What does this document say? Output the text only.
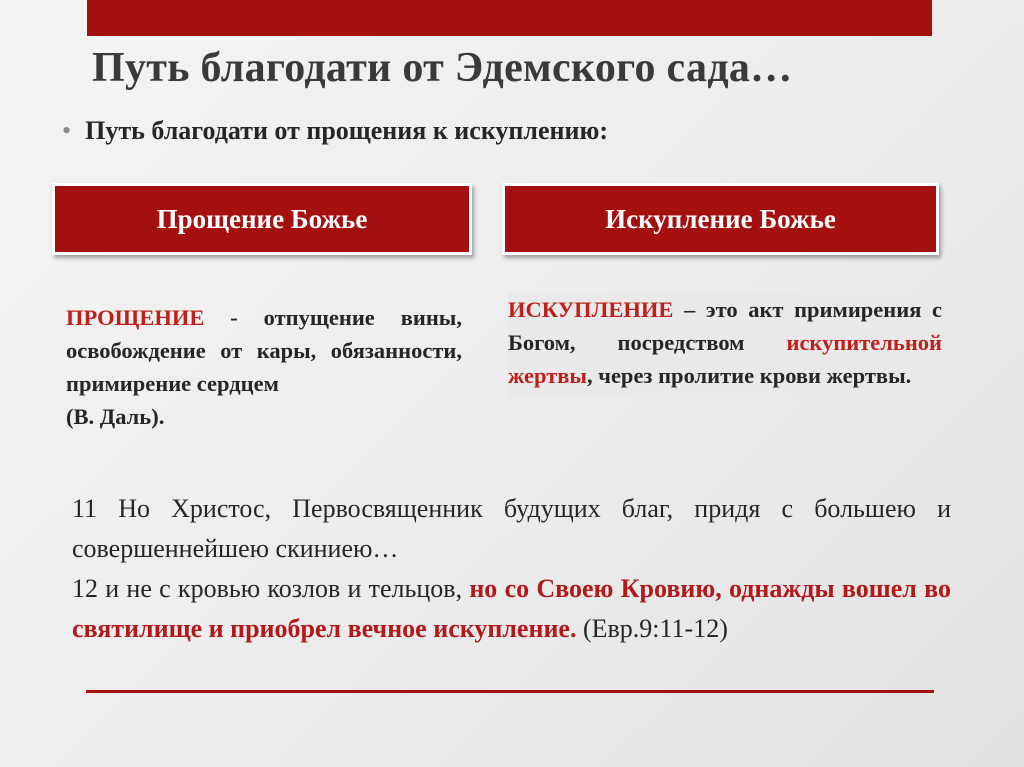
Путь благодати от Эдемского сада…
• Путь благодати от прощения к искуплению:
Прощение Божье	Искупление Божье
ПРОЩЕНИЕ - отпущение вины, освобождение от кары, обязанности, примирение сердцем
(В. Даль).
ИСКУПЛЕНИЕ – это акт примирения с Богом, посредством искупительной жертвы, через пролитие крови жертвы.
11 Но Христос, Первосвященник будущих благ, придя с большею и совершеннейшею скиниею…
12 и не с кровью козлов и тельцов, но со Своею Кровию, однажды вошел во святилище и приобрел вечное искупление. (Евр.9:11-12)
